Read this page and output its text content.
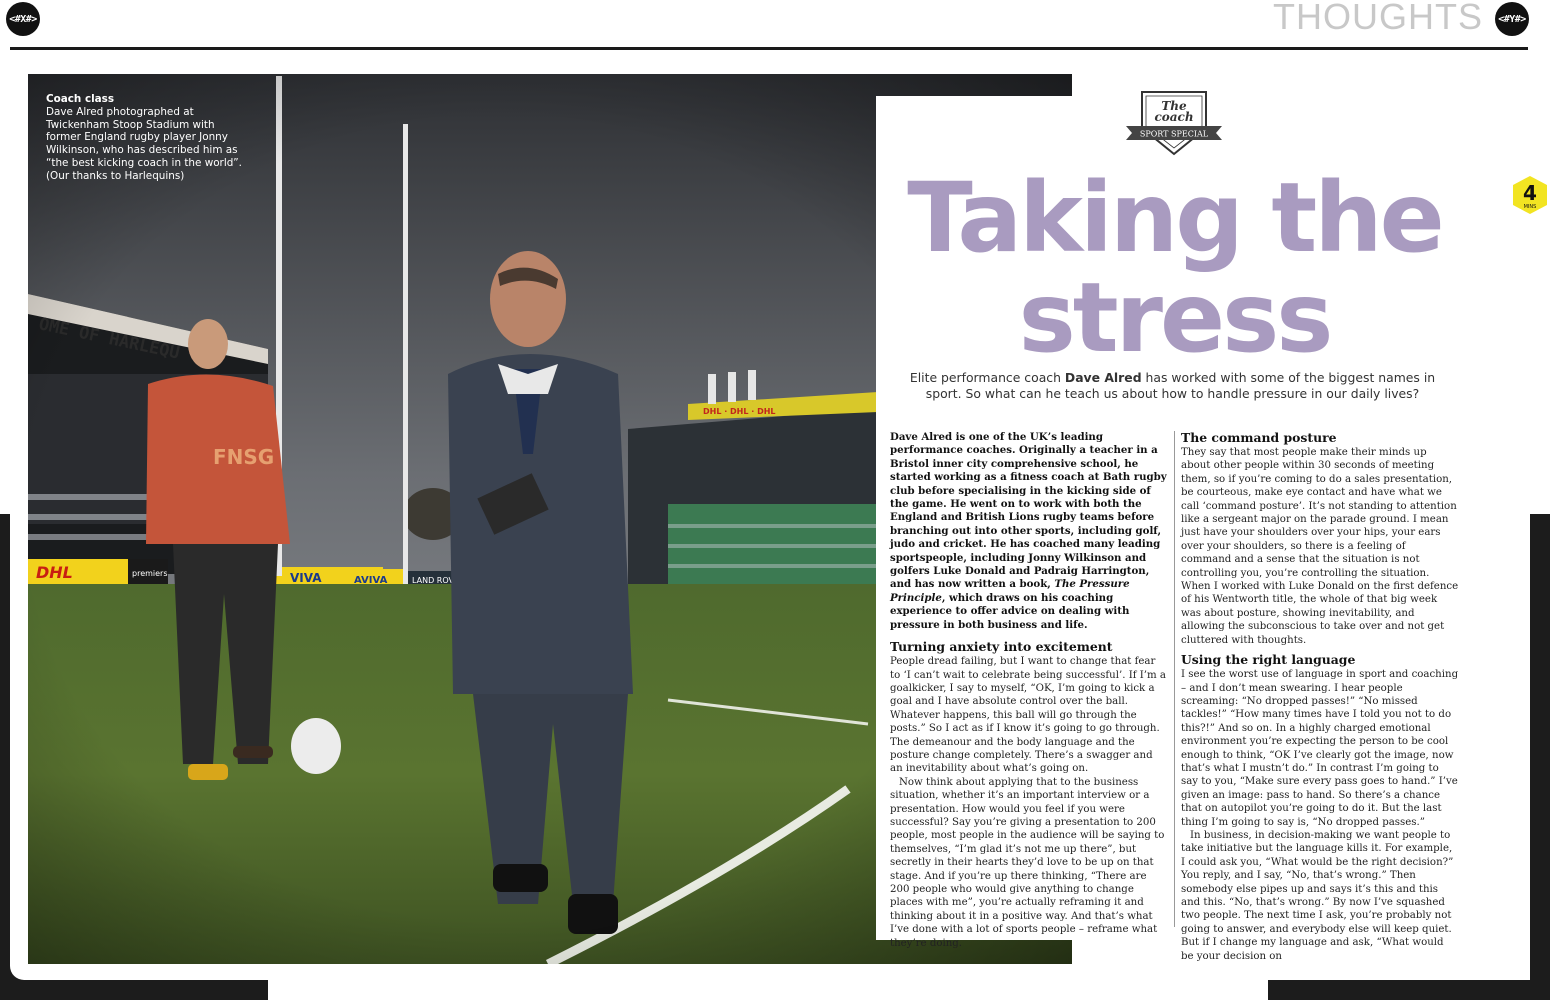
<#X#>	THOUGHTS	<#Y#>
Coach class
Dave Alred photographed at Twickenham Stoop Stadium with former England rugby player Jonny Wilkinson, who has described him as “the best kicking coach in the world”. (Our thanks to Harlequins)
The
coach
SPORT SPECIAL
4
MINS
Taking the
stress
Elite performance coach Dave Alred has worked with some of the biggest names in sport. So what can he teach us about how to handle pressure in our daily lives?

Dave Alred is one of the UK’s leading performance coaches. Originally a teacher in a Bristol inner city comprehensive school, he started working as a fitness coach at Bath rugby club before specialising in the kicking side of the game. He went on to work with both the England and British Lions rugby teams before branching out into other sports, including golf, judo and cricket. He has coached many leading sportspeople, including Jonny Wilkinson and golfers Luke Donald and Padraig Harrington, and has now written a book, The Pressure Principle, which draws on his coaching experience to offer advice on dealing with pressure in both business and life.

Turning anxiety into excitement

People dread failing, but I want to change that fear to ‘I can’t wait to celebrate being successful’. If I’m a goalkicker, I say to myself, “OK, I’m going to kick a goal and I have absolute control over the ball. Whatever happens, this ball will go through the posts.” So I act as if I know it’s going to go through. The demeanour and the body language and the posture change completely. There’s a swagger and an inevitability about what’s going on.

Now think about applying that to the business situation, whether it’s an important interview or a presentation. How would you feel if you were successful? Say you’re giving a presentation to 200 people, most people in the audience will be saying to themselves, “I’m glad it’s not me up there”, but secretly in their hearts they’d love to be up on that stage. And if you’re up there thinking, “There are 200 people who would give anything to change places with me”, you’re actually reframing it and thinking about it in a positive way. And that’s what I’ve done with a lot of sports people – reframe what they’re doing.

The command posture

They say that most people make their minds up about other people within 30 seconds of meeting them, so if you’re coming to do a sales presentation, be courteous, make eye contact and have what we call ‘command posture’. It’s not standing to attention like a sergeant major on the parade ground. I mean just have your shoulders over your hips, your ears over your shoulders, so there is a feeling of command and a sense that the situation is not controlling you, you’re controlling the situation. When I worked with Luke Donald on the first defence of his Wentworth title, the whole of that big week was about posture, showing inevitability, and allowing the subconscious to take over and not get cluttered with thoughts.

Using the right language

I see the worst use of language in sport and coaching – and I don’t mean swearing. I hear people screaming: “No dropped passes!” “No missed tackles!” “How many times have I told you not to do this?!” And so on. In a highly charged emotional environment you’re expecting the person to be cool enough to think, “OK I’ve clearly got the image, now that’s what I mustn’t do.” In contrast I’m going to say to you, “Make sure every pass goes to hand.” I’ve given an image: pass to hand. So there’s a chance that on autopilot you’re going to do it. But the last thing I’m going to say is, “No dropped passes.”

In business, in decision-making we want people to take initiative but the language kills it. For example, I could ask you, “What would be the right decision?” You reply, and I say, “No, that’s wrong.” Then somebody else pipes up and says it’s this and this and this. “No, that’s wrong.” By now I’ve squashed two people. The next time I ask, you’re probably not going to answer, and everybody else will keep quiet. But if I change my language and ask, “What would be your decision on
